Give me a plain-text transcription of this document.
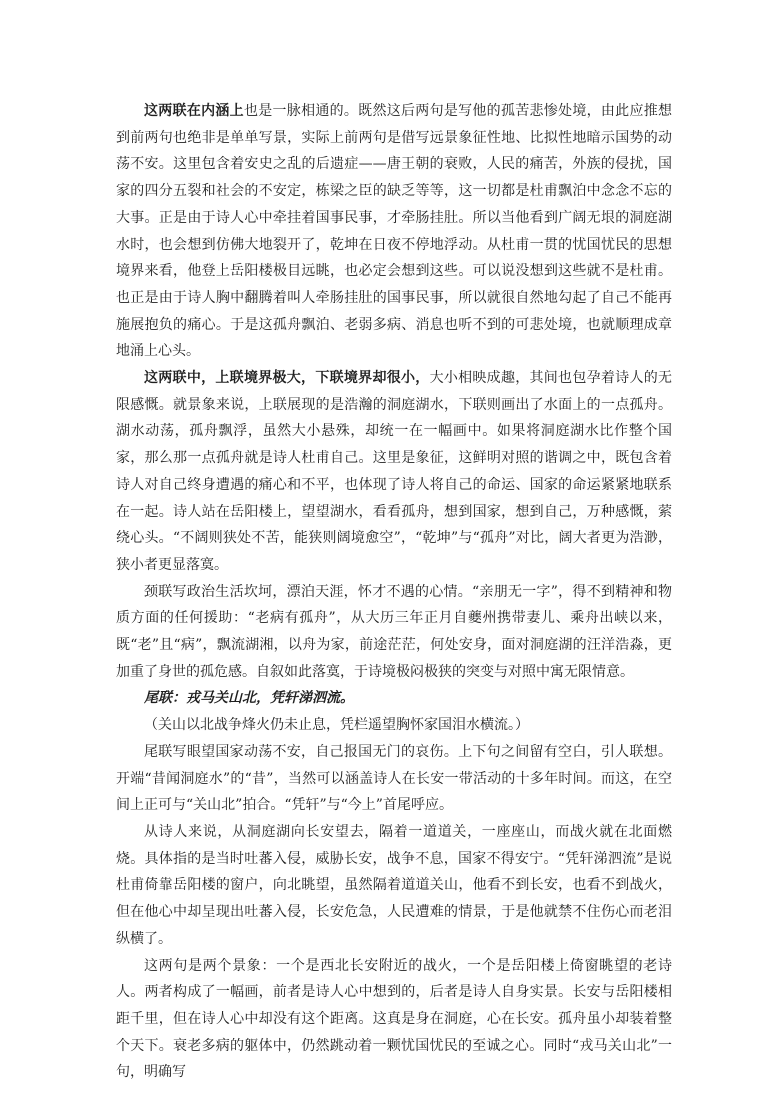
这两联在内涵上也是一脉相通的。既然这后两句是写他的孤苦悲惨处境，由此应推想到前两句也绝非是单单写景，实际上前两句是借写远景象征性地、比拟性地暗示国势的动荡不安。这里包含着安史之乱的后遗症——唐王朝的衰败，人民的痛苦，外族的侵扰，国家的四分五裂和社会的不安定，栋梁之臣的缺乏等等，这一切都是杜甫飘泊中念念不忘的大事。正是由于诗人心中牵挂着国事民事，才牵肠挂肚。所以当他看到广阔无垠的洞庭湖水时，也会想到仿佛大地裂开了，乾坤在日夜不停地浮动。从杜甫一贯的忧国忧民的思想境界来看，他登上岳阳楼极目远眺，也必定会想到这些。可以说没想到这些就不是杜甫。也正是由于诗人胸中翻腾着叫人牵肠挂肚的国事民事，所以就很自然地勾起了自己不能再施展抱负的痛心。于是这孤舟飘泊、老弱多病、消息也听不到的可悲处境，也就顺理成章地涌上心头。

这两联中，上联境界极大，下联境界却很小，大小相映成趣，其间也包孕着诗人的无限感慨。就景象来说，上联展现的是浩瀚的洞庭湖水，下联则画出了水面上的一点孤舟。湖水动荡，孤舟飘浮，虽然大小悬殊，却统一在一幅画中。如果将洞庭湖水比作整个国家，那么那一点孤舟就是诗人杜甫自己。这里是象征，这鲜明对照的谐调之中，既包含着诗人对自己终身遭遇的痛心和不平，也体现了诗人将自己的命运、国家的命运紧紧地联系在一起。诗人站在岳阳楼上，望望湖水，看看孤舟，想到国家，想到自己，万种感慨，萦绕心头。“不阔则狭处不苦，能狭则阔境愈空”，“乾坤”与“孤舟”对比，阔大者更为浩渺，狭小者更显落寞。

颈联写政治生活坎坷，漂泊天涯，怀才不遇的心情。“亲朋无一字”，得不到精神和物质方面的任何援助：“老病有孤舟”，从大历三年正月自夔州携带妻儿、乘舟出峡以来，既“老”且“病”，飘流湖湘，以舟为家，前途茫茫，何处安身，面对洞庭湖的汪洋浩淼，更加重了身世的孤危感。自叙如此落寞，于诗境极闷极狭的突变与对照中寓无限情意。

尾联：戎马关山北，凭轩涕泗流。

（关山以北战争烽火仍未止息，凭栏遥望胸怀家国泪水横流。）

尾联写眼望国家动荡不安，自己报国无门的哀伤。上下句之间留有空白，引人联想。开端“昔闻洞庭水”的“昔”，当然可以涵盖诗人在长安一带活动的十多年时间。而这，在空间上正可与“关山北”拍合。“凭轩”与“今上”首尾呼应。

从诗人来说，从洞庭湖向长安望去，隔着一道道关，一座座山，而战火就在北面燃烧。具体指的是当时吐蕃入侵，威胁长安，战争不息，国家不得安宁。“凭轩涕泗流”是说杜甫倚靠岳阳楼的窗户，向北眺望，虽然隔着道道关山，他看不到长安，也看不到战火，但在他心中却呈现出吐蕃入侵，长安危急，人民遭难的情景，于是他就禁不住伤心而老泪纵横了。

这两句是两个景象：一个是西北长安附近的战火，一个是岳阳楼上倚窗眺望的老诗人。两者构成了一幅画，前者是诗人心中想到的，后者是诗人自身实景。长安与岳阳楼相距千里，但在诗人心中却没有这个距离。这真是身在洞庭，心在长安。孤舟虽小却装着整个天下。衰老多病的躯体中，仍然跳动着一颗忧国忧民的至诚之心。同时“戎马关山北”一句，明确写
